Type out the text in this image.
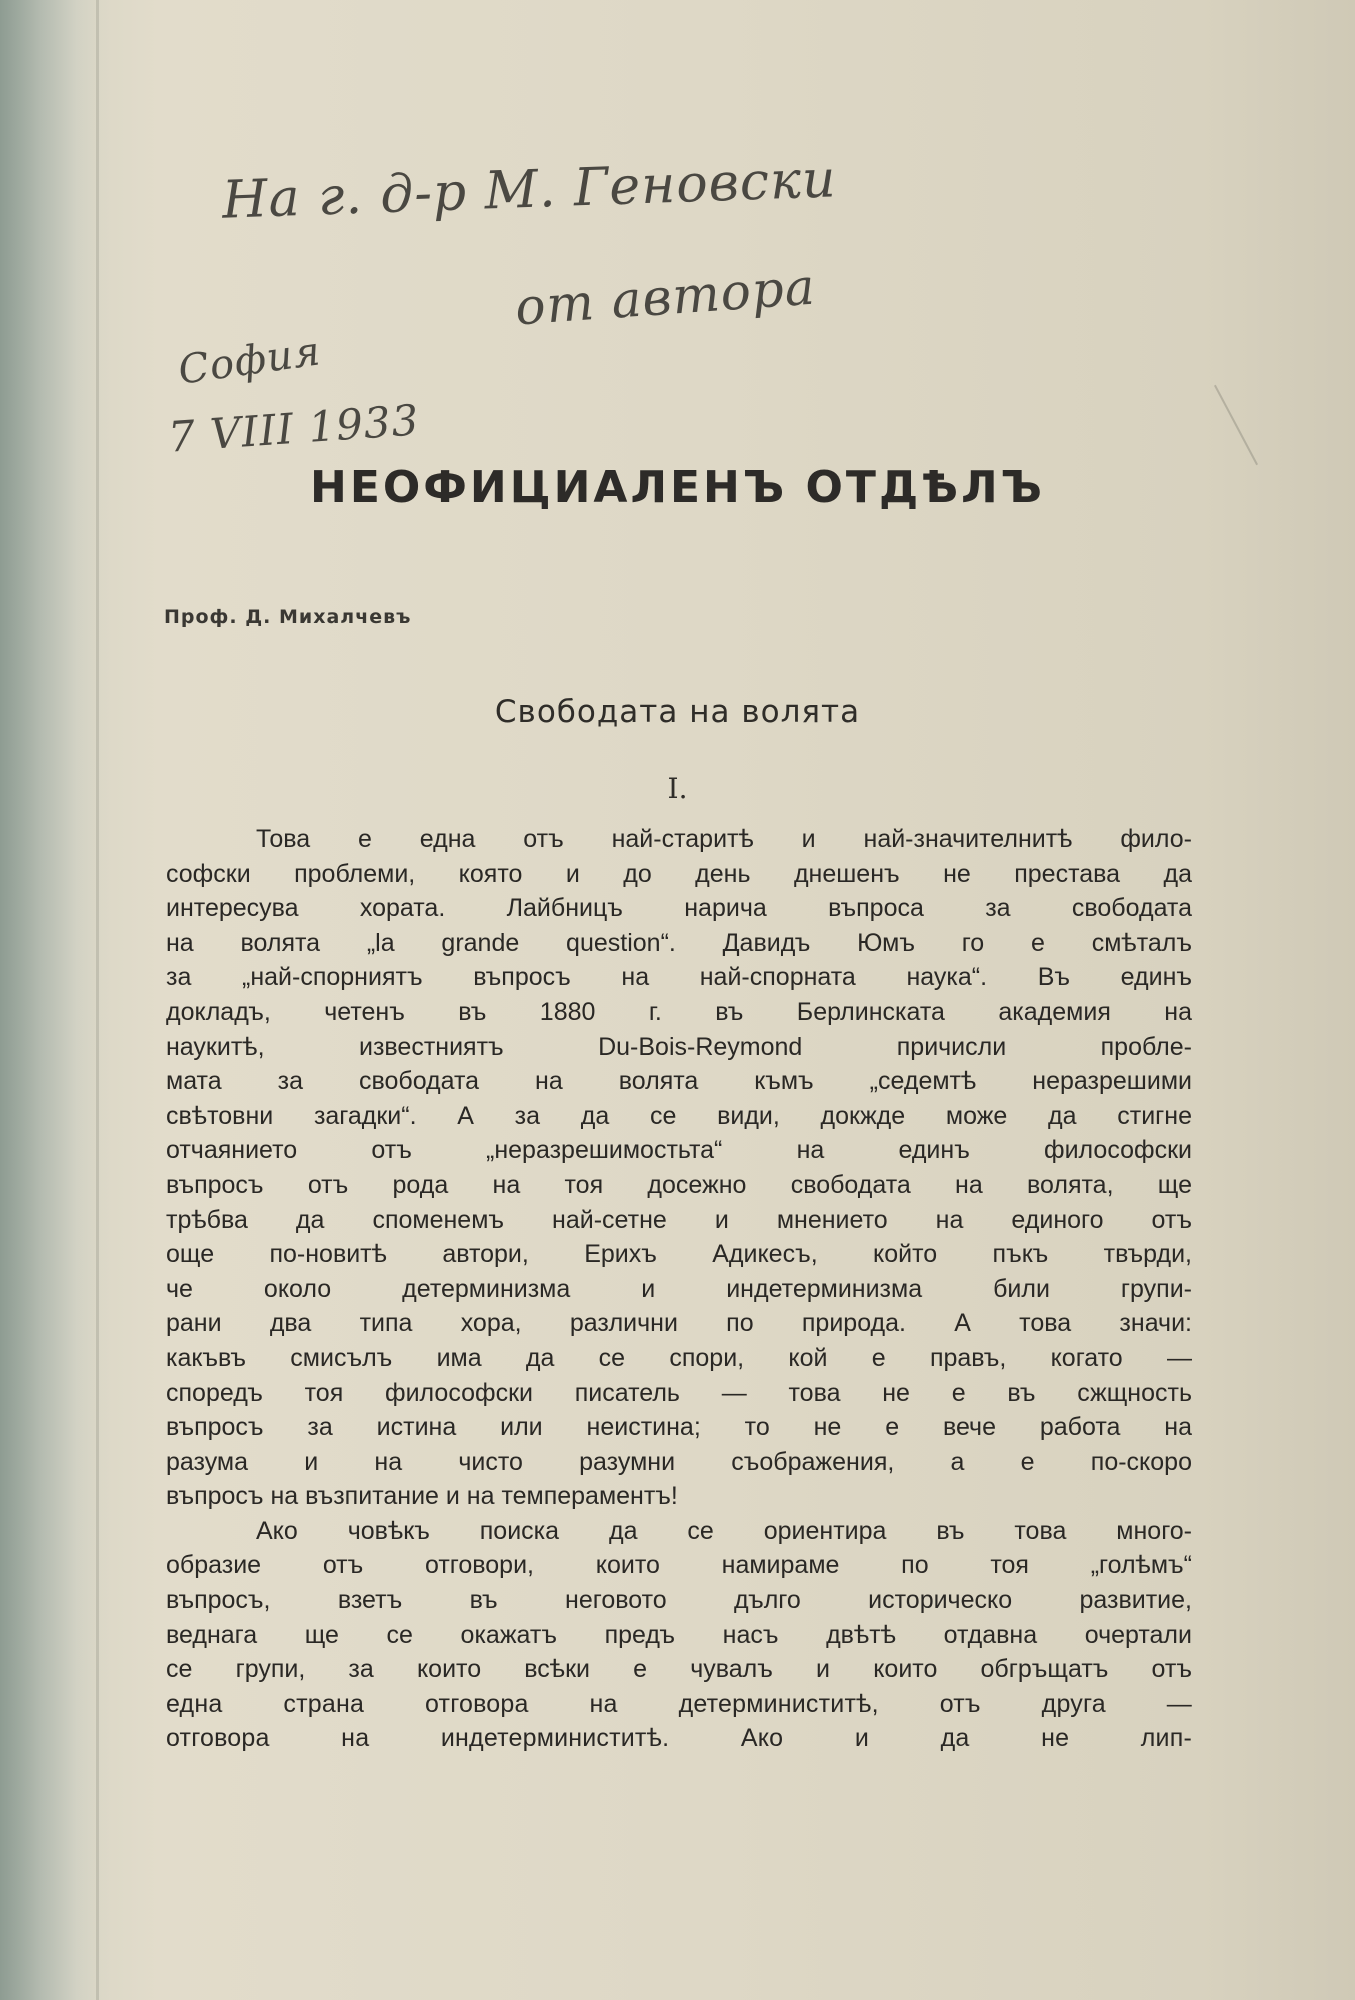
На г. д-р М. Геновски
от автора
София
7 VIII 1933
НЕОФИЦИАЛЕНЪ ОТДѢЛЪ
Проф. Д. Михалчевъ
Свободата на волята
I.
Това е една отъ най-старитѣ и най-значителнитѣ фило-
софски проблеми, която и до день днешенъ не престава да
интересува хората. Лайбницъ нарича въпроса за свободата
на волята „la grande question“. Давидъ Юмъ го е смѣталъ
за „най-спорниятъ въпросъ на най-спорната наука“. Въ единъ
докладъ, четенъ въ 1880 г. въ Берлинската академия на
наукитѣ, известниятъ Du-Bois-Reymond причисли пробле-
мата за свободата на волята къмъ „седемтѣ неразрешими
свѣтовни загадки“. А за да се види, докжде може да стигне
отчаянието отъ „неразрешимостьта“ на единъ философски
въпросъ отъ рода на тоя досежно свободата на волята, ще
трѣбва да споменемъ най-сетне и мнението на единого отъ
още по-новитѣ автори, Ерихъ Адикесъ, който пъкъ твърди,
че около детерминизма и индетерминизма били групи-
рани два типа хора, различни по природа. А това значи:
какъвъ смисълъ има да се спори, кой е правъ, когато —
споредъ тоя философски писатель — това не е въ сжщность
въпросъ за истина или неистина; то не е вече работа на
разума и на чисто разумни съображения, а е по-скоро
въпросъ на възпитание и на темпераментъ!
Ако човѣкъ поиска да се ориентира въ това много-
образие отъ отговори, които намираме по тоя „голѣмъ“
въпросъ, взетъ въ неговото дълго историческо развитие,
веднага ще се окажатъ предъ насъ двѣтѣ отдавна очертали
се групи, за които всѣки е чувалъ и които обгръщатъ отъ
една страна отговора на детерминиститѣ, отъ друга —
отговора на индетерминиститѣ. Ако и да не лип-
